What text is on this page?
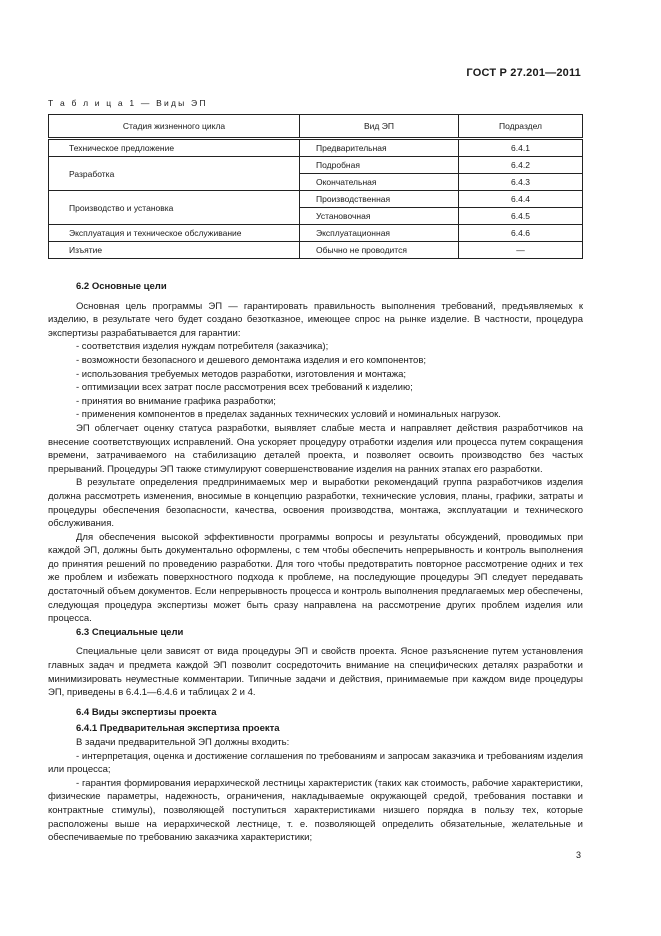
ГОСТ Р 27.201—2011
Т а б л и ц а 1 — Виды ЭП
Стадия жизненного цикла	Вид ЭП	Подраздел
Техническое предложение	Предварительная	6.4.1
Разработка	Подробная	6.4.2
	Окончательная	6.4.3
Производство и установка	Производственная	6.4.4
	Установочная	6.4.5
Эксплуатация и техническое обслуживание	Эксплуатационная	6.4.6
Изъятие	Обычно не проводится	—
6.2 Основные цели

Основная цель программы ЭП — гарантировать правильность выполнения требований, предъявляемых к изделию, в результате чего будет создано безотказное, имеющее спрос на рынке изделие. В частности, процедура экспертизы разрабатывается для гарантии:

- соответствия изделия нуждам потребителя (заказчика);

- возможности безопасного и дешевого демонтажа изделия и его компонентов;

- использования требуемых методов разработки, изготовления и монтажа;

- оптимизации всех затрат после рассмотрения всех требований к изделию;

- принятия во внимание графика разработки;

- применения компонентов в пределах заданных технических условий и номинальных нагрузок.

ЭП облегчает оценку статуса разработки, выявляет слабые места и направляет действия разработчиков на внесение соответствующих исправлений. Она ускоряет процедуру отработки изделия или процесса путем сокращения времени, затрачиваемого на стабилизацию деталей проекта, и позволяет освоить производство без частых прерываний. Процедуры ЭП также стимулируют совершенствование изделия на ранних этапах его разработки.

В результате определения предпринимаемых мер и выработки рекомендаций группа разработчиков изделия должна рассмотреть изменения, вносимые в концепцию разработки, технические условия, планы, графики, затраты и процедуры обеспечения безопасности, качества, освоения производства, монтажа, эксплуатации и технического обслуживания.

Для обеспечения высокой эффективности программы вопросы и результаты обсуждений, проводимых при каждой ЭП, должны быть документально оформлены, с тем чтобы обеспечить непрерывность и контроль выполнения до принятия решений по проведению разработки. Для того чтобы предотвратить повторное рассмотрение одних и тех же проблем и избежать поверхностного подхода к проблеме, на последующие процедуры ЭП следует передавать достаточный объем документов. Если непрерывность процесса и контроль выполнения предлагаемых мер обеспечены, следующая процедура экспертизы может быть сразу направлена на рассмотрение других проблем изделия или процесса.

6.3 Специальные цели

Специальные цели зависят от вида процедуры ЭП и свойств проекта. Ясное разъяснение путем установления главных задач и предмета каждой ЭП позволит сосредоточить внимание на специфических деталях разработки и минимизировать неуместные комментарии. Типичные задачи и действия, принимаемые при каждом виде процедуры ЭП, приведены в 6.4.1—6.4.6 и таблицах 2 и 4.

6.4 Виды экспертизы проекта
6.4.1 Предварительная экспертиза проекта

В задачи предварительной ЭП должны входить:

- интерпретация, оценка и достижение соглашения по требованиям и запросам заказчика и требованиям изделия или процесса;

- гарантия формирования иерархической лестницы характеристик (таких как стоимость, рабочие характеристики, физические параметры, надежность, ограничения, накладываемые окружающей средой, требования поставки и контрактные стимулы), позволяющей поступиться характеристиками низшего порядка в пользу тех, которые расположены выше на иерархической лестнице, т. е. позволяющей определить обязательные, желательные и обеспечиваемые по требованию заказчика характеристики;

3
